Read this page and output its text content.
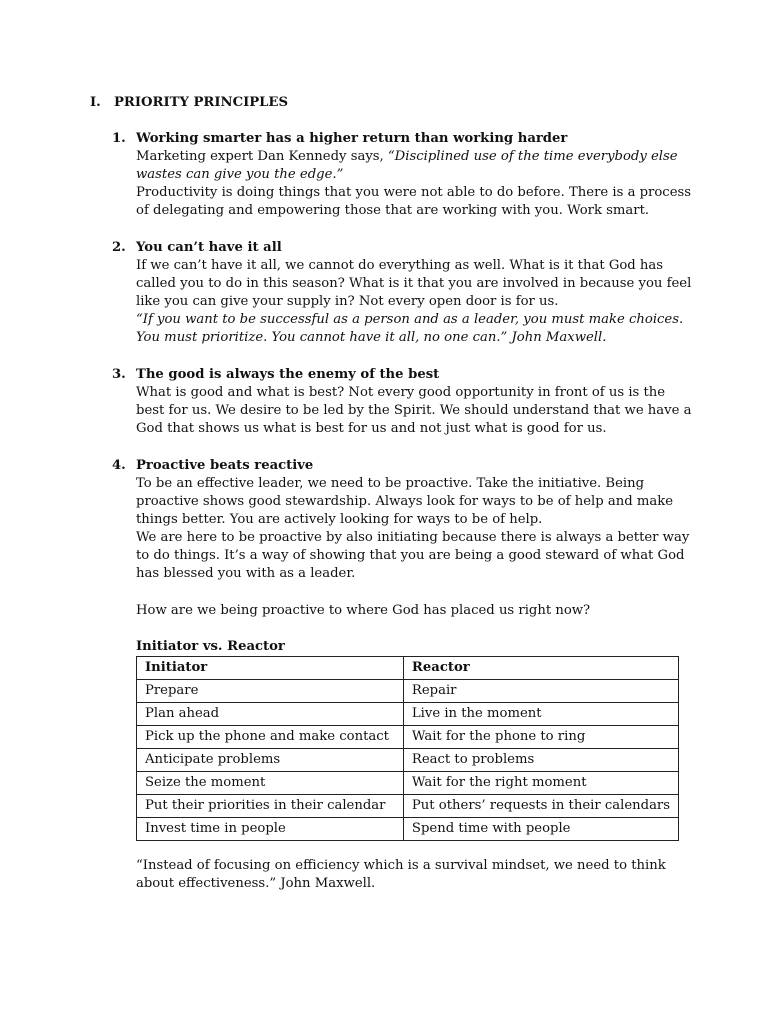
I. PRIORITY PRINCIPLES
1. Working smarter has a higher return than working harder

Marketing expert Dan Kennedy says, “Disciplined use of the time everybody else wastes can give you the edge.”

Productivity is doing things that you were not able to do before. There is a process of delegating and empowering those that are working with you. Work smart.

2. You can’t have it all

If we can’t have it all, we cannot do everything as well. What is it that God has called you to do in this season? What is it that you are involved in because you feel like you can give your supply in? Not every open door is for us.

“If you want to be successful as a person and as a leader, you must make choices. You must prioritize. You cannot have it all, no one can.” John Maxwell.

3. The good is always the enemy of the best

What is good and what is best? Not every good opportunity in front of us is the best for us. We desire to be led by the Spirit. We should understand that we have a God that shows us what is best for us and not just what is good for us.

4. Proactive beats reactive

To be an effective leader, we need to be proactive. Take the initiative. Being proactive shows good stewardship. Always look for ways to be of help and make things better. You are actively looking for ways to be of help.

We are here to be proactive by also initiating because there is always a better way to do things. It’s a way of showing that you are being a good steward of what God has blessed you with as a leader.

How are we being proactive to where God has placed us right now?
Initiator vs. Reactor
Initiator	Reactor
Prepare	Repair
Plan ahead	Live in the moment
Pick up the phone and make contact	Wait for the phone to ring
Anticipate problems	React to problems
Seize the moment	Wait for the right moment
Put their priorities in their calendar	Put others’ requests in their calendars
Invest time in people	Spend time with people
“Instead of focusing on efficiency which is a survival mindset, we need to think about effectiveness.” John Maxwell.
